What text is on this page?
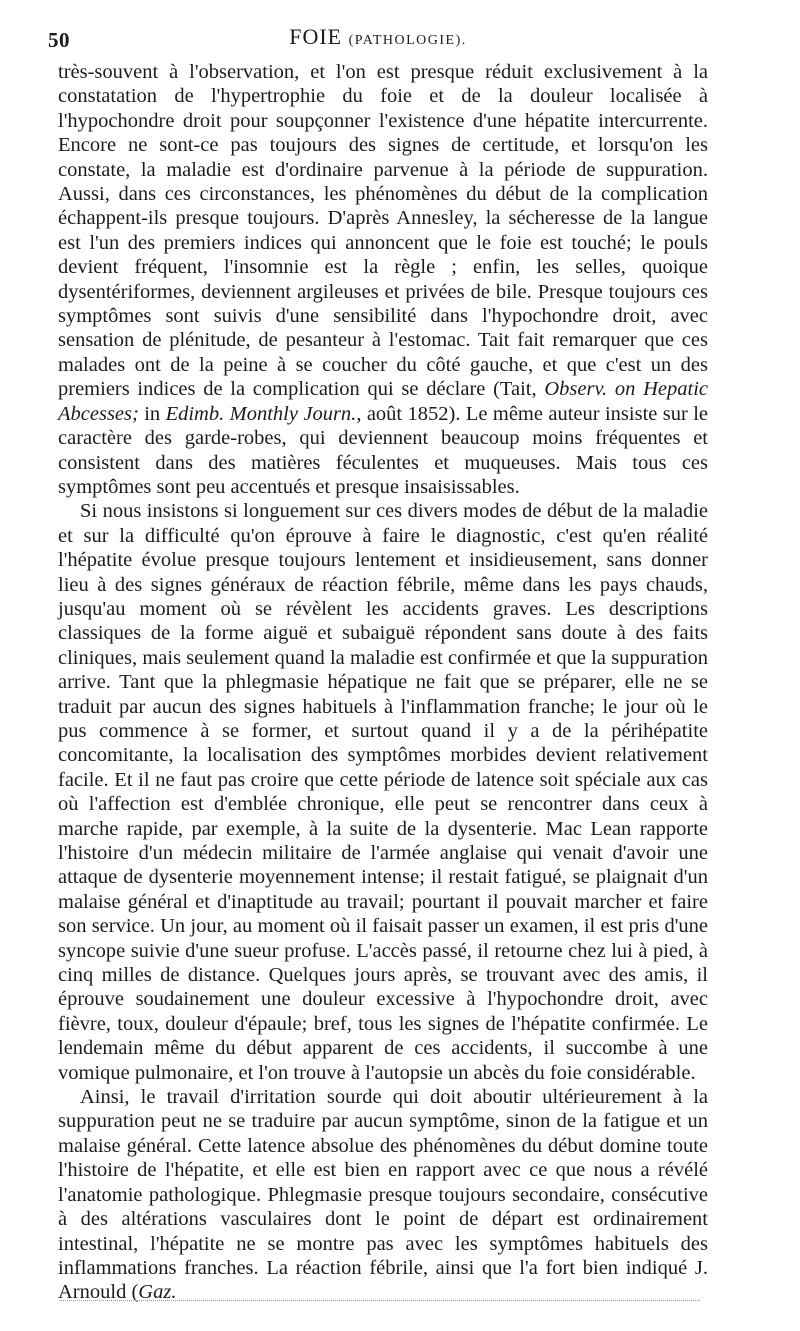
50	FOIE (PATHOLOGIE).

très-souvent à l'observation, et l'on est presque réduit exclusivement à la constatation de l'hypertrophie du foie et de la douleur localisée à l'hypochondre droit pour soupçonner l'existence d'une hépatite intercurrente. Encore ne sont-ce pas toujours des signes de certitude, et lorsqu'on les constate, la maladie est d'ordinaire parvenue à la période de suppuration. Aussi, dans ces circonstances, les phénomènes du début de la complication échappent-ils presque toujours. D'après Annesley, la sécheresse de la langue est l'un des premiers indices qui annoncent que le foie est touché; le pouls devient fréquent, l'insomnie est la règle ; enfin, les selles, quoique dysentériformes, deviennent argileuses et privées de bile. Presque toujours ces symptômes sont suivis d'une sensibilité dans l'hypochondre droit, avec sensation de plénitude, de pesanteur à l'estomac. Tait fait remarquer que ces malades ont de la peine à se coucher du côté gauche, et que c'est un des premiers indices de la complication qui se déclare (Tait, Observ. on Hepatic Abcesses; in Edimb. Monthly Journ., août 1852). Le même auteur insiste sur le caractère des garde-robes, qui deviennent beaucoup moins fréquentes et consistent dans des matières féculentes et muqueuses. Mais tous ces symptômes sont peu accentués et presque insaisissables.

Si nous insistons si longuement sur ces divers modes de début de la maladie et sur la difficulté qu'on éprouve à faire le diagnostic, c'est qu'en réalité l'hépatite évolue presque toujours lentement et insidieusement, sans donner lieu à des signes généraux de réaction fébrile, même dans les pays chauds, jusqu'au moment où se révèlent les accidents graves. Les descriptions classiques de la forme aiguë et subaiguë répondent sans doute à des faits cliniques, mais seulement quand la maladie est confirmée et que la suppuration arrive. Tant que la phlegmasie hépatique ne fait que se préparer, elle ne se traduit par aucun des signes habituels à l'inflammation franche; le jour où le pus commence à se former, et surtout quand il y a de la périhépatite concomitante, la localisation des symptômes morbides devient relativement facile. Et il ne faut pas croire que cette période de latence soit spéciale aux cas où l'affection est d'emblée chronique, elle peut se rencontrer dans ceux à marche rapide, par exemple, à la suite de la dysenterie. Mac Lean rapporte l'histoire d'un médecin militaire de l'armée anglaise qui venait d'avoir une attaque de dysenterie moyennement intense; il restait fatigué, se plaignait d'un malaise général et d'inaptitude au travail; pourtant il pouvait marcher et faire son service. Un jour, au moment où il faisait passer un examen, il est pris d'une syncope suivie d'une sueur profuse. L'accès passé, il retourne chez lui à pied, à cinq milles de distance. Quelques jours après, se trouvant avec des amis, il éprouve soudainement une douleur excessive à l'hypochondre droit, avec fièvre, toux, douleur d'épaule; bref, tous les signes de l'hépatite confirmée. Le lendemain même du début apparent de ces accidents, il succombe à une vomique pulmonaire, et l'on trouve à l'autopsie un abcès du foie considérable.

Ainsi, le travail d'irritation sourde qui doit aboutir ultérieurement à la suppuration peut ne se traduire par aucun symptôme, sinon de la fatigue et un malaise général. Cette latence absolue des phénomènes du début domine toute l'histoire de l'hépatite, et elle est bien en rapport avec ce que nous a révélé l'anatomie pathologique. Phlegmasie presque toujours secondaire, consécutive à des altérations vasculaires dont le point de départ est ordinairement intestinal, l'hépatite ne se montre pas avec les symptômes habituels des inflammations franches. La réaction fébrile, ainsi que l'a fort bien indiqué J. Arnould (Gaz.
